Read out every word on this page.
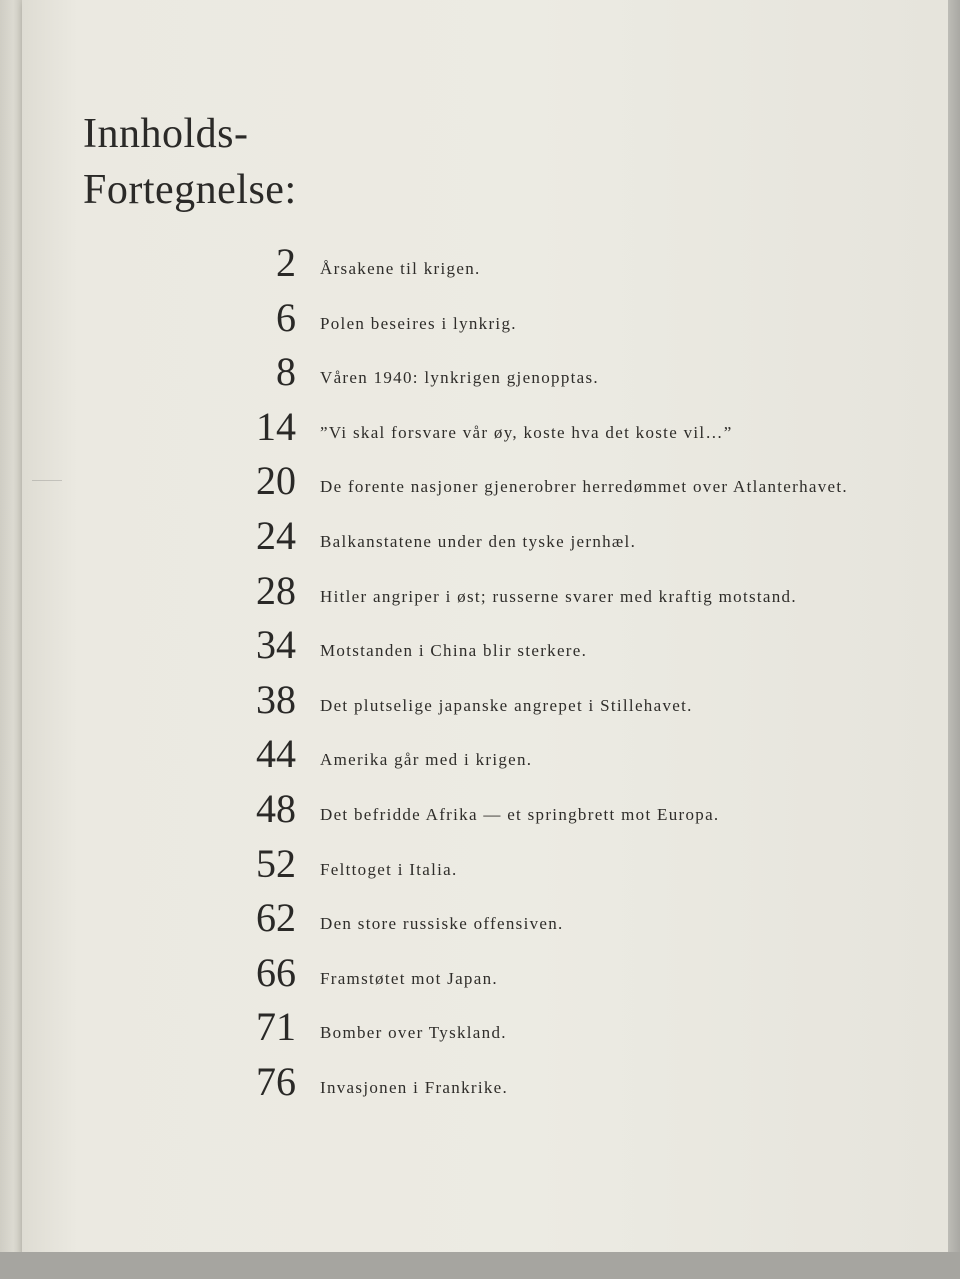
Innholds-
Fortegnelse:
2 Årsakene til krigen.
6 Polen beseires i lynkrig.
8 Våren 1940: lynkrigen gjenopptas.
14 ”Vi skal forsvare vår øy, koste hva det koste vil…”
20 De forente nasjoner gjenerobrer herredømmet over Atlanterhavet.
24 Balkanstatene under den tyske jernhæl.
28 Hitler angriper i øst; russerne svarer med kraftig motstand.
34 Motstanden i China blir sterkere.
38 Det plutselige japanske angrepet i Stillehavet.
44 Amerika går med i krigen.
48 Det befridde Afrika — et springbrett mot Europa.
52 Felttoget i Italia.
62 Den store russiske offensiven.
66 Framstøtet mot Japan.
71 Bomber over Tyskland.
76 Invasjonen i Frankrike.
